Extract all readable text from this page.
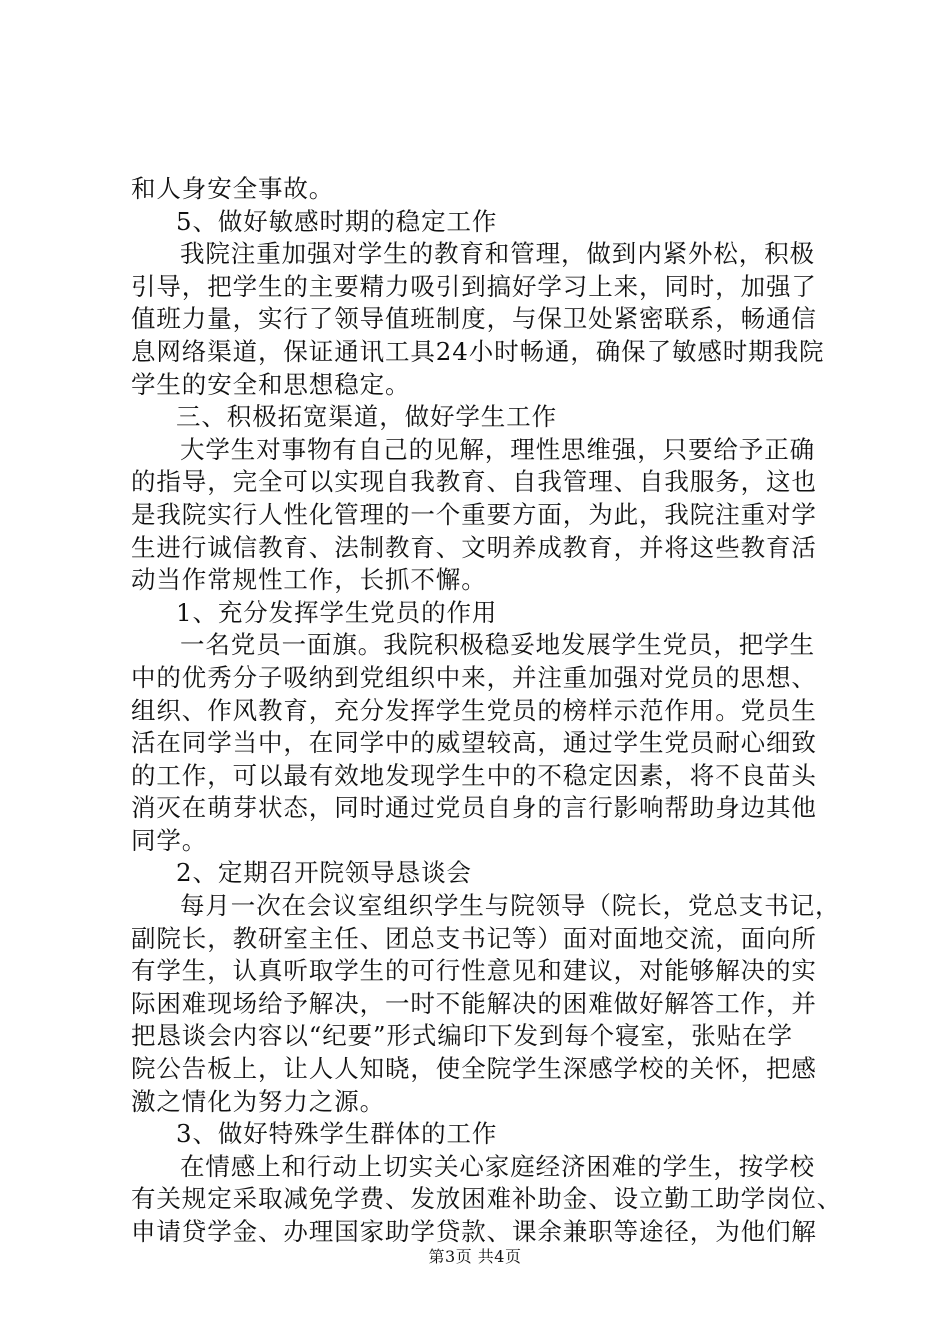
和人身安全事故。
5、做好敏感时期的稳定工作
我院注重加强对学生的教育和管理，做到内紧外松，积极
引导，把学生的主要精力吸引到搞好学习上来，同时，加强了
值班力量，实行了领导值班制度，与保卫处紧密联系，畅通信
息网络渠道，保证通讯工具24小时畅通，确保了敏感时期我院
学生的安全和思想稳定。
三、积极拓宽渠道，做好学生工作
大学生对事物有自己的见解，理性思维强，只要给予正确
的指导，完全可以实现自我教育、自我管理、自我服务，这也
是我院实行人性化管理的一个重要方面，为此，我院注重对学
生进行诚信教育、法制教育、文明养成教育，并将这些教育活
动当作常规性工作，长抓不懈。
1、充分发挥学生党员的作用
一名党员一面旗。我院积极稳妥地发展学生党员，把学生
中的优秀分子吸纳到党组织中来，并注重加强对党员的思想、
组织、作风教育，充分发挥学生党员的榜样示范作用。党员生
活在同学当中，在同学中的威望较高，通过学生党员耐心细致
的工作，可以最有效地发现学生中的不稳定因素，将不良苗头
消灭在萌芽状态，同时通过党员自身的言行影响帮助身边其他
同学。
2、定期召开院领导恳谈会
每月一次在会议室组织学生与院领导（院长，党总支书记，
副院长，教研室主任、团总支书记等）面对面地交流，面向所
有学生，认真听取学生的可行性意见和建议，对能够解决的实
际困难现场给予解决，一时不能解决的困难做好解答工作，并
把恳谈会内容以“纪要”形式编印下发到每个寝室，张贴在学
院公告板上，让人人知晓，使全院学生深感学校的关怀，把感
激之情化为努力之源。
3、做好特殊学生群体的工作
在情感上和行动上切实关心家庭经济困难的学生，按学校
有关规定采取减免学费、发放困难补助金、设立勤工助学岗位、
申请贷学金、办理国家助学贷款、课余兼职等途径，为他们解
第3页 共4页
